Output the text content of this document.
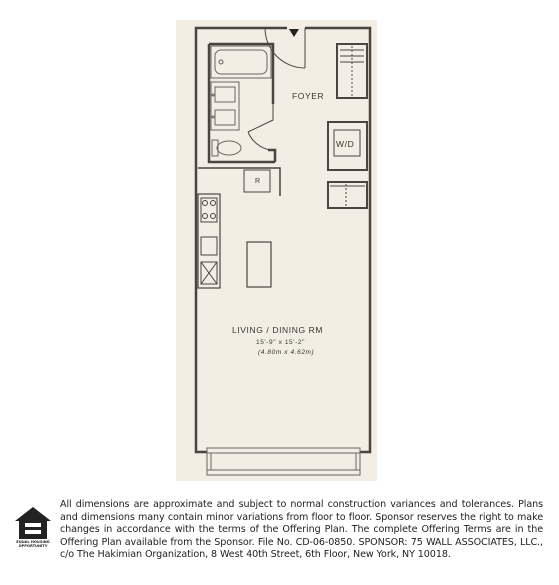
FOYER
W/D
R
LIVING / DINING RM
15'-9" x 15'-2"
(4.80m x 4.62m)
EQUAL HOUSING OPPORTUNITY
All dimensions are approximate and subject to normal construction variances and tolerances. Plans and dimensions many contain minor variations from floor to floor. Sponsor reserves the right to make changes in accordance with the terms of the Offering Plan. The complete Offering Terms are in the Offering Plan available from the Sponsor. File No. CD-06-0850. SPONSOR: 75 WALL ASSOCIATES, LLC., c/o The Hakimian Organization, 8 West 40th Street, 6th Floor, New York, NY 10018.
